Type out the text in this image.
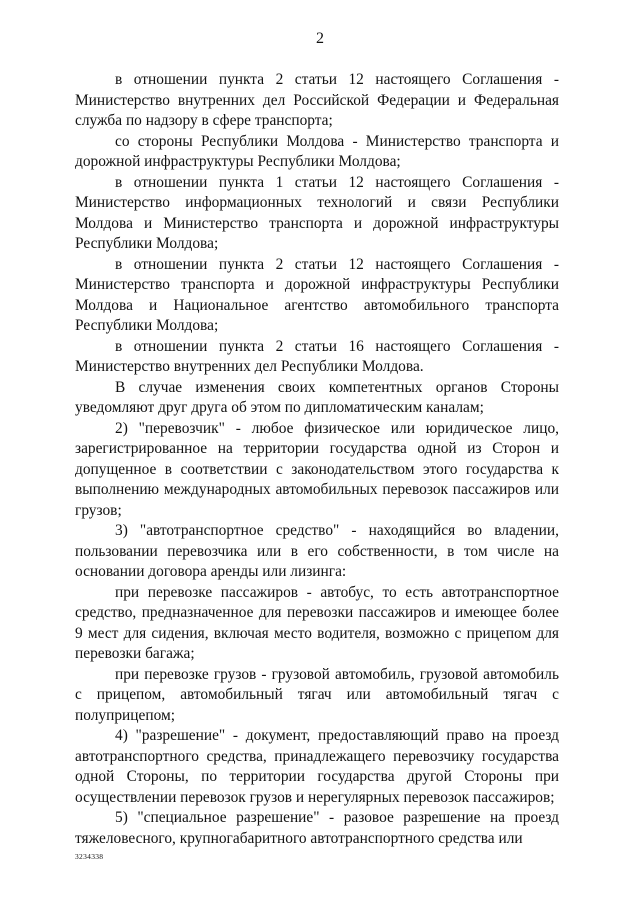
2

в отношении пункта 2 статьи 12 настоящего Соглашения - Министерство внутренних дел Российской Федерации и Федеральная служба по надзору в сфере транспорта;

со стороны Республики Молдова - Министерство транспорта и дорожной инфраструктуры Республики Молдова;

в отношении пункта 1 статьи 12 настоящего Соглашения - Министерство информационных технологий и связи Республики Молдова и Министерство транспорта и дорожной инфраструктуры Республики Молдова;

в отношении пункта 2 статьи 12 настоящего Соглашения - Министерство транспорта и дорожной инфраструктуры Республики Молдова и Национальное агентство автомобильного транспорта Республики Молдова;

в отношении пункта 2 статьи 16 настоящего Соглашения - Министерство внутренних дел Республики Молдова.

В случае изменения своих компетентных органов Стороны уведомляют друг друга об этом по дипломатическим каналам;

2) "перевозчик" - любое физическое или юридическое лицо, зарегистрированное на территории государства одной из Сторон и допущенное в соответствии с законодательством этого государства к выполнению международных автомобильных перевозок пассажиров или грузов;

3) "автотранспортное средство" - находящийся во владении, пользовании перевозчика или в его собственности, в том числе на основании договора аренды или лизинга:

при перевозке пассажиров - автобус, то есть автотранспортное средство, предназначенное для перевозки пассажиров и имеющее более 9 мест для сидения, включая место водителя, возможно с прицепом для перевозки багажа;

при перевозке грузов - грузовой автомобиль, грузовой автомобиль с прицепом, автомобильный тягач или автомобильный тягач с полуприцепом;

4) "разрешение" - документ, предоставляющий право на проезд автотранспортного средства, принадлежащего перевозчику государства одной Стороны, по территории государства другой Стороны при осуществлении перевозок грузов и нерегулярных перевозок пассажиров;

5) "специальное разрешение" - разовое разрешение на проезд тяжеловесного, крупногабаритного автотранспортного средства или

3234338
